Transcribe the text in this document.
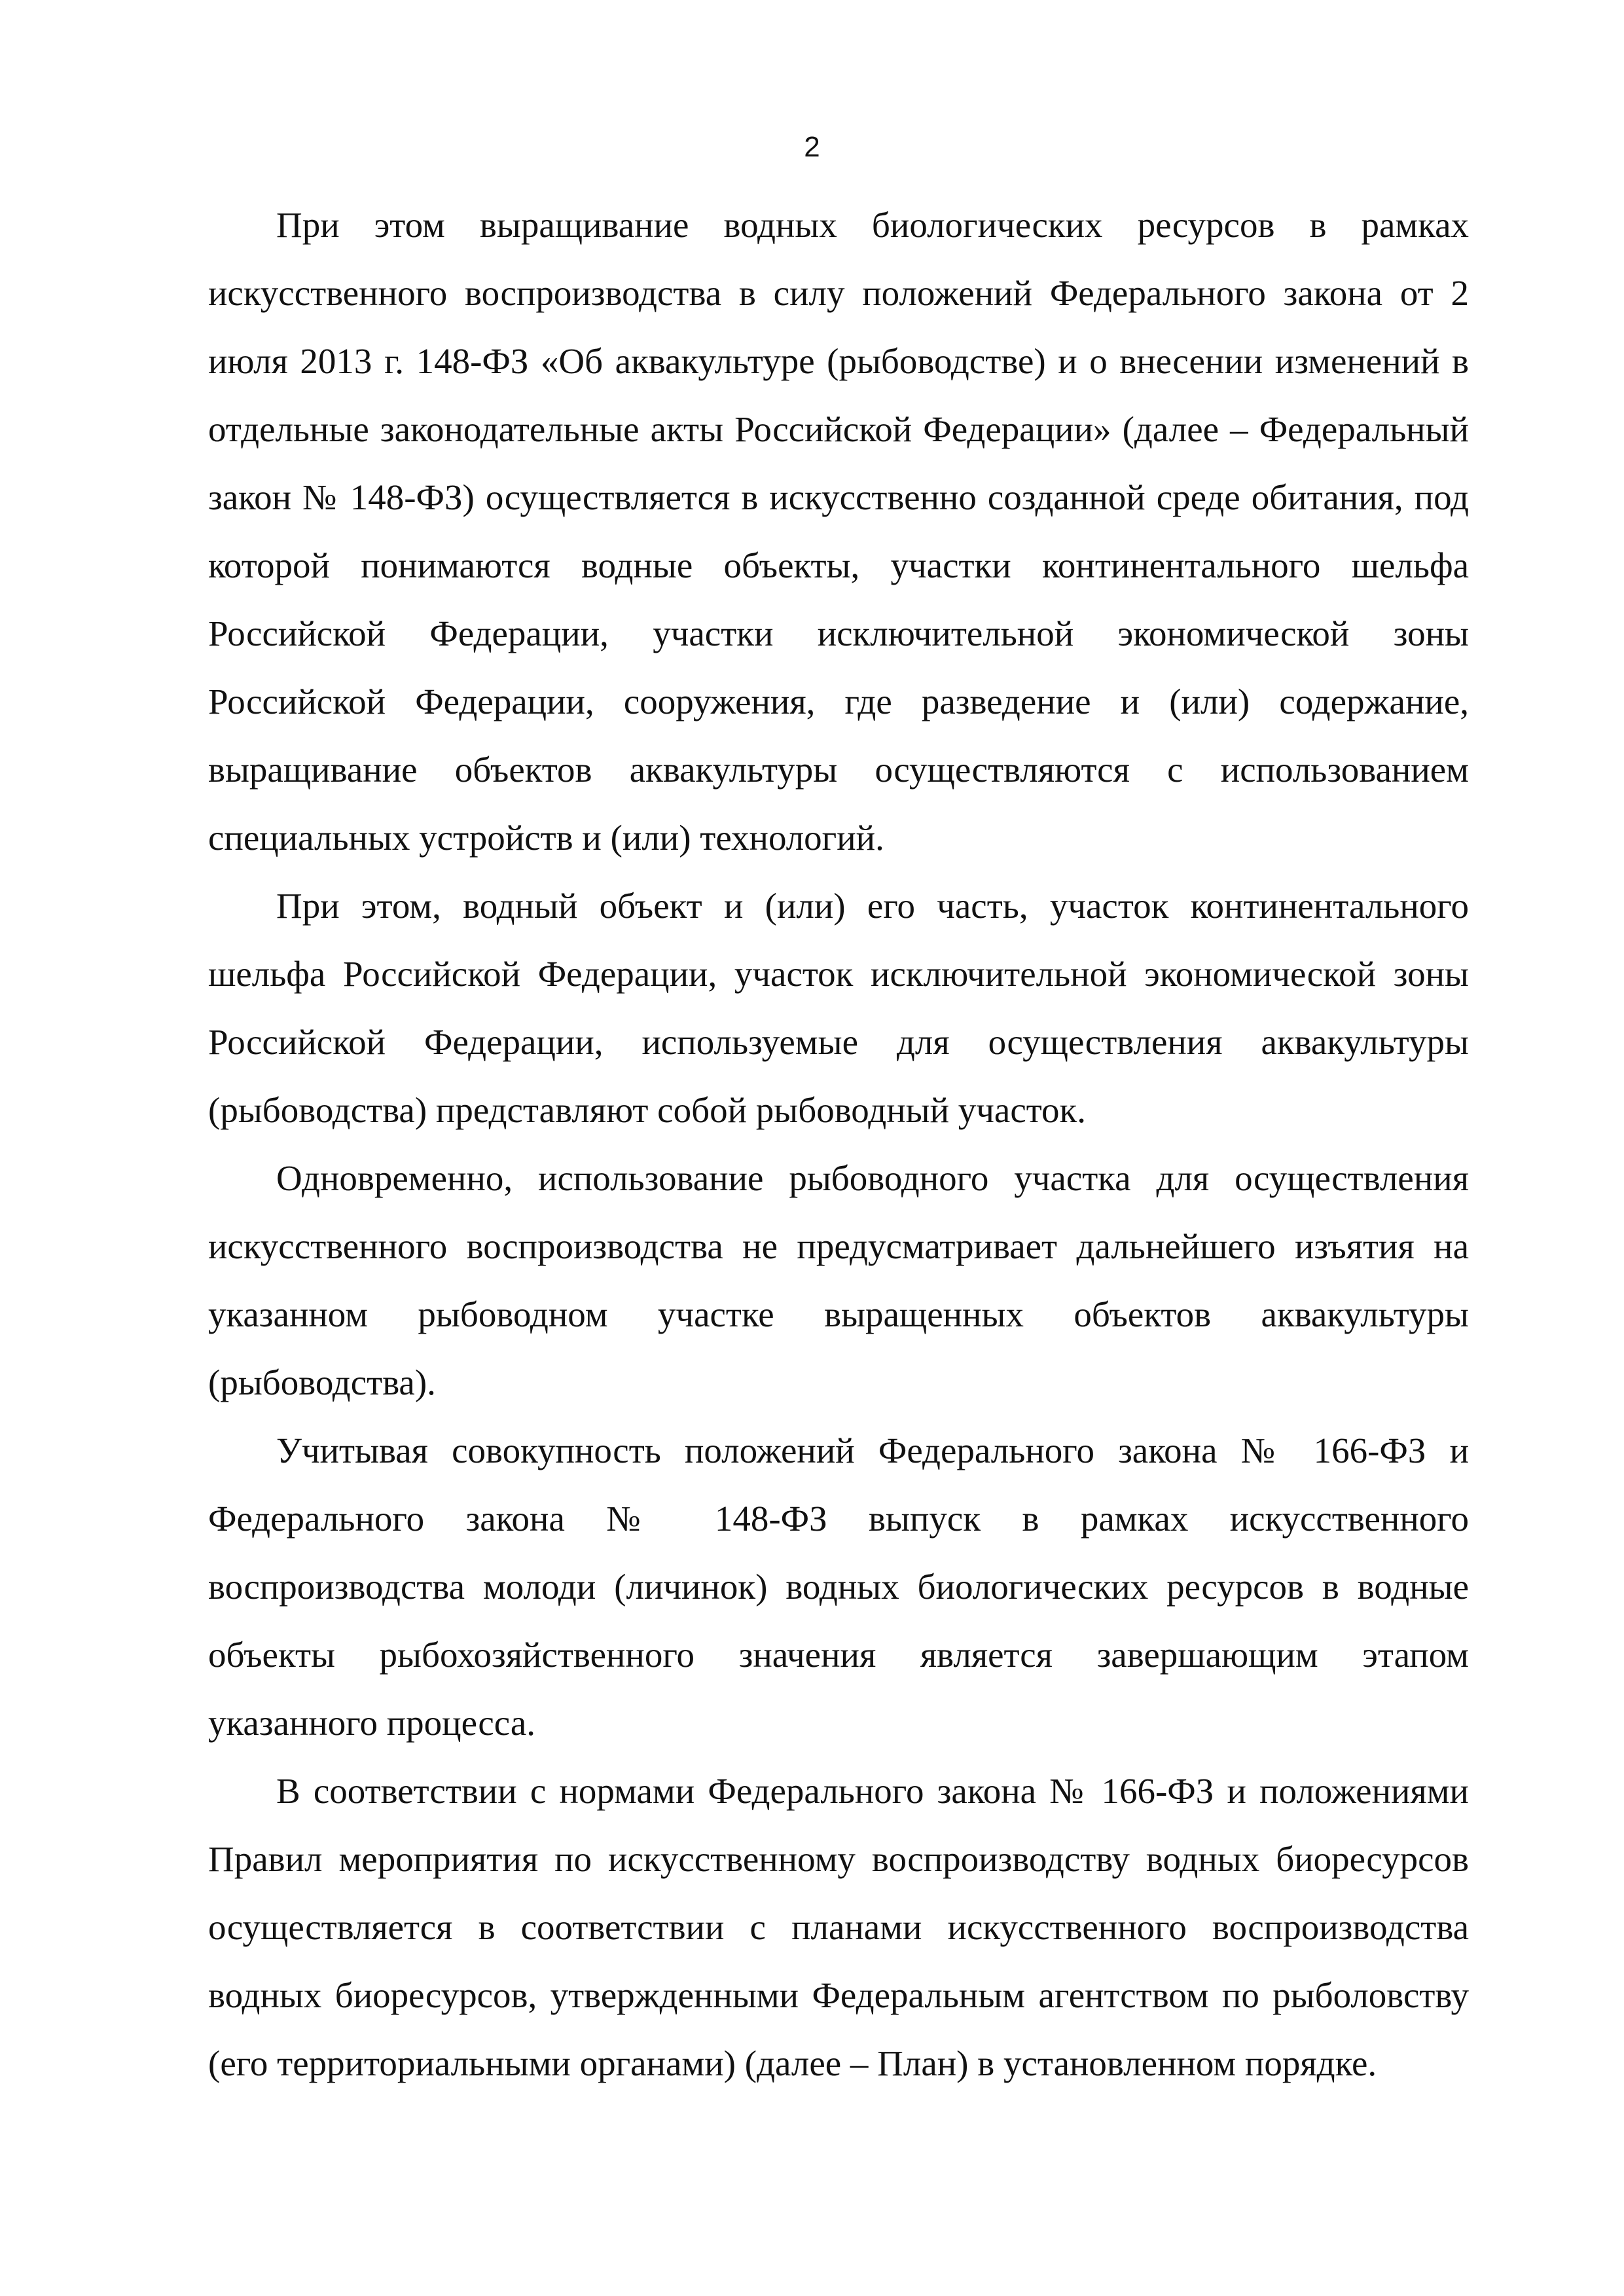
2

При этом выращивание водных биологических ресурсов в рамках искусственного воспроизводства в силу положений Федерального закона от 2 июля 2013 г. 148-ФЗ «Об аквакультуре (рыбоводстве) и о внесении изменений в отдельные законодательные акты Российской Федерации» (далее – Федеральный закон № 148-ФЗ) осуществляется в искусственно созданной среде обитания, под которой понимаются водные объекты, участки континентального шельфа Российской Федерации, участки исключительной экономической зоны Российской Федерации, сооружения, где разведение и (или) содержание, выращивание объектов аквакультуры осуществляются с использованием специальных устройств и (или) технологий.

При этом, водный объект и (или) его часть, участок континентального шельфа Российской Федерации, участок исключительной экономической зоны Российской Федерации, используемые для осуществления аквакультуры (рыбоводства) представляют собой рыбоводный участок.

Одновременно, использование рыбоводного участка для осуществления искусственного воспроизводства не предусматривает дальнейшего изъятия на указанном рыбоводном участке выращенных объектов аквакультуры (рыбоводства).

Учитывая совокупность положений Федерального закона № 166-ФЗ и Федерального закона № 148-ФЗ выпуск в рамках искусственного воспроизводства молоди (личинок) водных биологических ресурсов в водные объекты рыбохозяйственного значения является завершающим этапом указанного процесса.

В соответствии с нормами Федерального закона № 166-ФЗ и положениями Правил мероприятия по искусственному воспроизводству водных биоресурсов осуществляется в соответствии с планами искусственного воспроизводства водных биоресурсов, утвержденными Федеральным агентством по рыболовству (его территориальными органами) (далее – План) в установленном порядке.
